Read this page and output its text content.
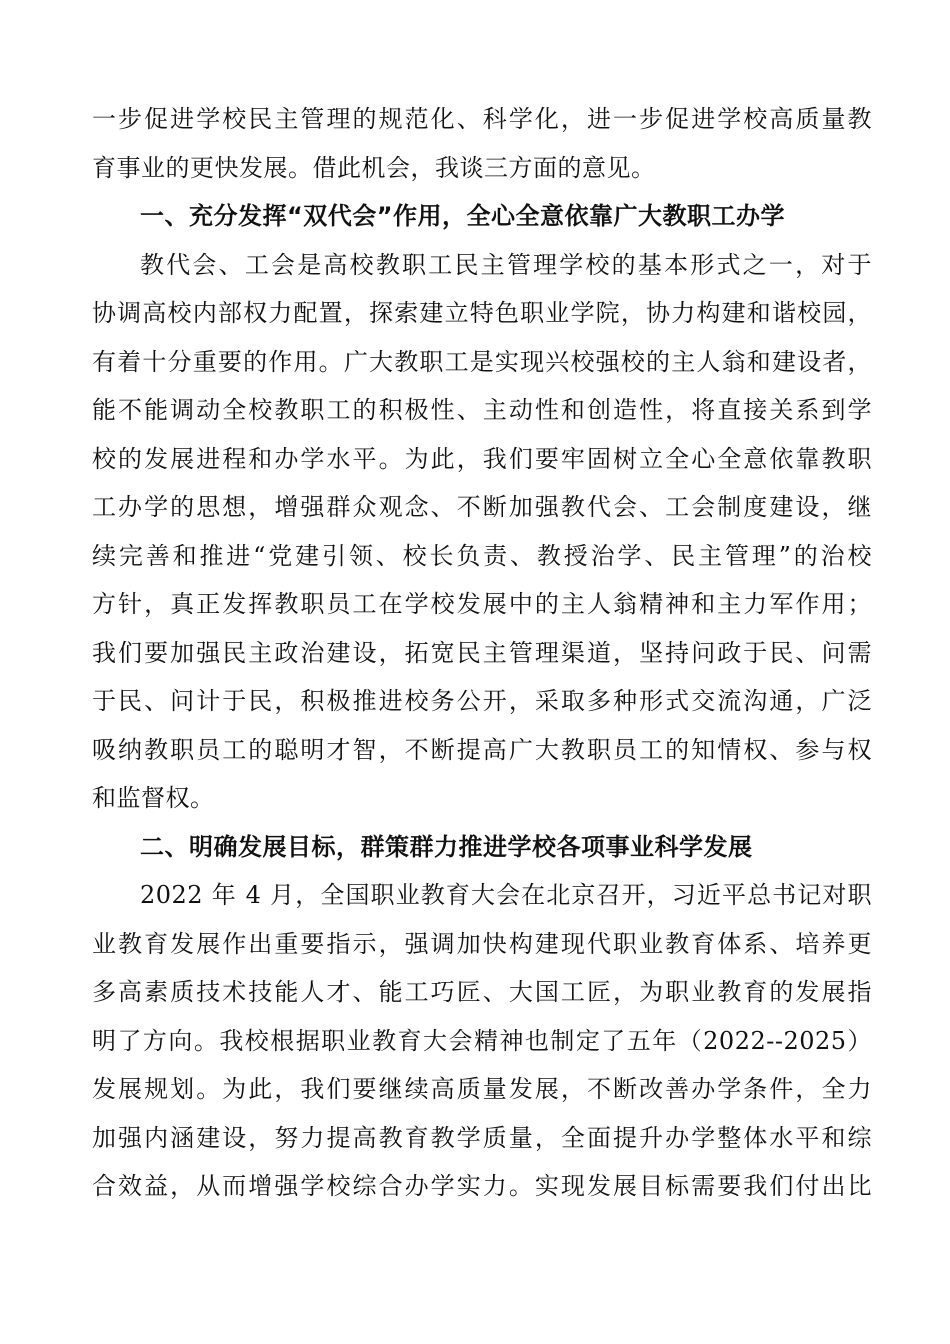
一步促进学校民主管理的规范化、科学化，进一步促进学校高质量教
育事业的更快发展。借此机会，我谈三方面的意见。
一、充分发挥“双代会”作用，全心全意依靠广大教职工办学
教代会、工会是高校教职工民主管理学校的基本形式之一，对于
协调高校内部权力配置，探索建立特色职业学院，协力构建和谐校园，
有着十分重要的作用。广大教职工是实现兴校强校的主人翁和建设者，
能不能调动全校教职工的积极性、主动性和创造性，将直接关系到学
校的发展进程和办学水平。为此，我们要牢固树立全心全意依靠教职
工办学的思想，增强群众观念、不断加强教代会、工会制度建设，继
续完善和推进“党建引领、校长负责、教授治学、民主管理”的治校
方针，真正发挥教职员工在学校发展中的主人翁精神和主力军作用；
我们要加强民主政治建设，拓宽民主管理渠道，坚持问政于民、问需
于民、问计于民，积极推进校务公开，采取多种形式交流沟通，广泛
吸纳教职员工的聪明才智，不断提高广大教职员工的知情权、参与权
和监督权。
二、明确发展目标，群策群力推进学校各项事业科学发展
2022 年 4 月，全国职业教育大会在北京召开，习近平总书记对职
业教育发展作出重要指示，强调加快构建现代职业教育体系、培养更
多高素质技术技能人才、能工巧匠、大国工匠，为职业教育的发展指
明了方向。我校根据职业教育大会精神也制定了五年（2022--2025）
发展规划。为此，我们要继续高质量发展，不断改善办学条件，全力
加强内涵建设，努力提高教育教学质量，全面提升办学整体水平和综
合效益，从而增强学校综合办学实力。实现发展目标需要我们付出比
